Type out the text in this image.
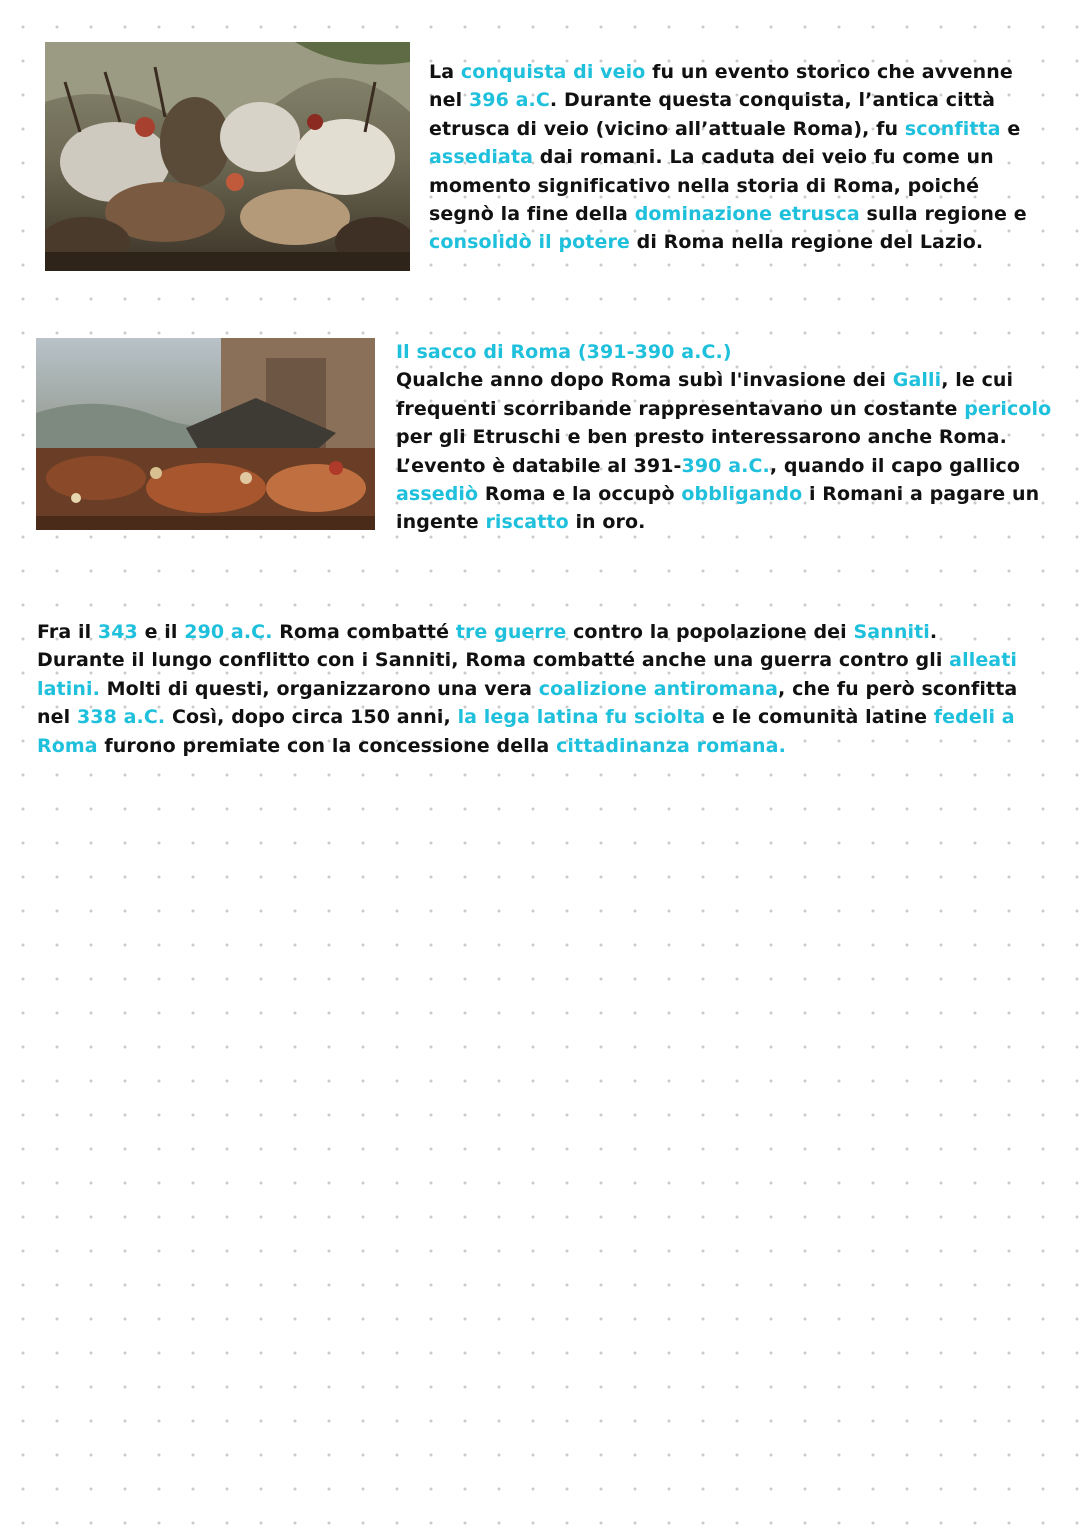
La conquista di veio fu un evento storico che avvenne nel 396 a.C. Durante questa conquista, l’antica città etrusca di veio (vicino all’attuale Roma), fu sconfitta e assediata dai romani. La caduta dei veio fu come un momento significativo nella storia di Roma, poiché segnò la fine della dominazione etrusca sulla regione e consolidò il potere di Roma nella regione del Lazio.

Il sacco di Roma (391-390 a.C.)
Qualche anno dopo Roma subì l'invasione dei Galli, le cui frequenti scorribande rappresentavano un costante pericolo per gli Etruschi e ben presto interessarono anche Roma.
L’evento è databile al 391-390 a.C., quando il capo gallico assediò Roma e la occupò obbligando i Romani a pagare un ingente riscatto in oro.

Fra il 343 e il 290 a.C. Roma combatté tre guerre contro la popolazione dei Sanniti.
Durante il lungo conflitto con i Sanniti, Roma combatté anche una guerra contro gli alleati latini. Molti di questi, organizzarono una vera coalizione antiromana, che fu però sconfitta nel 338 a.C. Così, dopo circa 150 anni, la lega latina fu sciolta e le comunità latine fedeli a Roma furono premiate con la concessione della cittadinanza romana.
